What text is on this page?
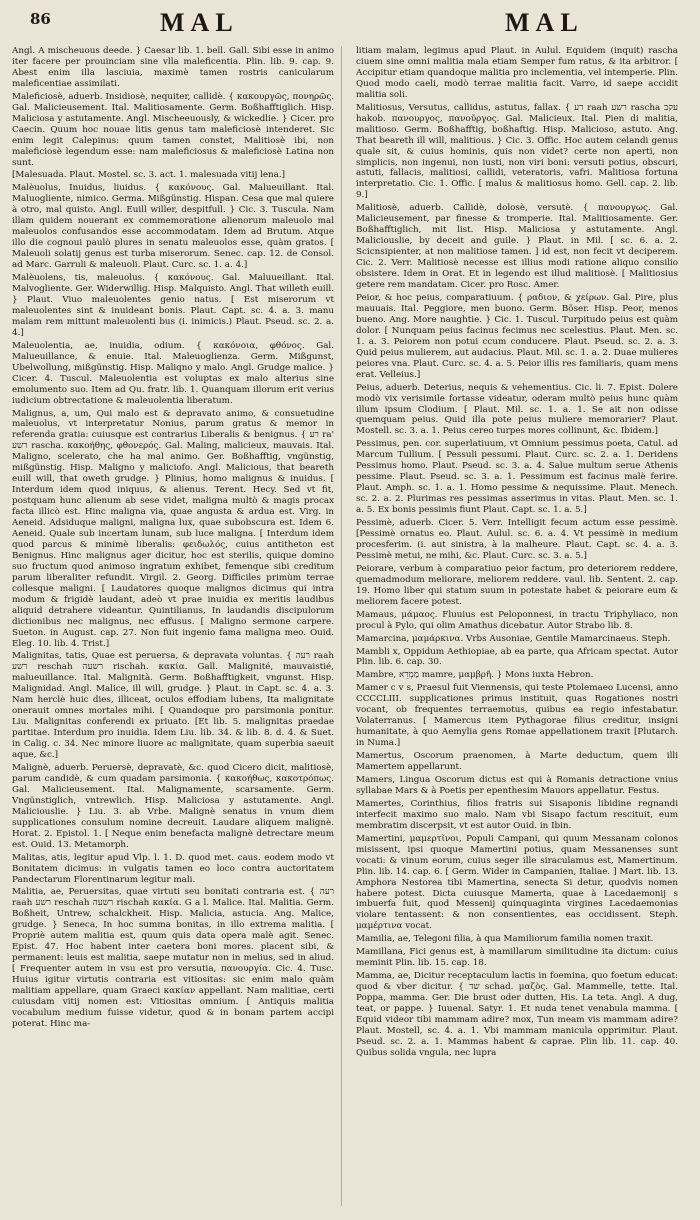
86	MAL	MAL

Angl. A mischeuous deede. } Caesar lib. 1. bell. Gall. Sibi esse in animo iter facere per prouinciam sine vlla maleficentia. Plin. lib. 9. cap. 9. Abest enim illa lasciuia, maximè tamen rostris canicularum maleficentiae assimilati.

Maleficiosè, aduerb. Insidiosè, nequiter, callidè. { κακουργῶς, πονηρῶς. Gal. Malicieusement. Ital. Malitiosamente. Germ. Boßhafftiglich. Hisp. Maliciosa y astutamente. Angl. Mischeeuously, & wickedlie. } Cicer. pro Caecin. Quum hoc nouae litis genus tam maleficiosè intenderet. Sic enim legit Calepinus: quum tamen constet, Malitiosè ibi, non maleficiosè legendum esse: nam maleficiosus & maleficiosè Latina non sunt.

[Malesuada. Plaut. Mostel. sc. 3. act. 1. malesuada vitij lena.]

Malèuolus, Inuidus, liuidus. { κακόνους. Gal. Malueuillant. Ital. Maluogliente, nimico. Germa. Mißgünstig. Hispan. Cesa que mal quiere à otro, mal quisto. Angl. Euill willer, despitfull. } Cic. 3. Tuscula. Nam illam quidem nouerant ex commemoratione alienorum maleuolo mal maleuolos confusandos esse accommodatam. Idem ad Brutum. Atque illo die cognoui paulò plures in senatu maleuolos esse, quàm gratos. [ Maleuoli solatij genus est turba miserorum. Senec. cap. 12. de Consol. ad Marc. Garruli & maleuoli. Plaut. Curc. sc. 1. a. 4.]

Malèuolens, tis, maleuolus. { κακόνους. Gal. Maluueillant. Ital. Malvogliente. Ger. Widerwillig. Hisp. Malquisto. Angl. That willeth euill. } Plaut. Viuo maleuolentes genio natus. [ Est miserorum vt maleuolentes sint & inuideant bonis. Plaut. Capt. sc. 4. a. 3. manu malam rem mittunt maleuolenti bus (i. inimicis.) Plaut. Pseud. sc. 2. a. 4.]

Maleuolentia, ae, inuidia, odium. { κακόνοια, φθόνος. Gal. Malueuillance, & enuie. Ital. Maleuoglienza. Germ. Mißgunst, Ubelwollung, mißgünstig. Hisp. Maliqno y malo. Angl. Grudge malice. } Cicer. 4. Tuscul. Maleuolentia est voluptas ex malo alterius sine emolumento suo. Item ad Qu. fratr. lib. 1. Quanquam illorum erit verius iudicium obtrectatione & maleuolentia liberatum.

Malignus, a, um, Qui malo est & depravato animo, & consuetudine maleuolus, vt interpretatur Nonius, parum gratus & memor in referenda gratia: cuiusque est contrarius Liberalis & benignus. { רע ra' רשע rascha. κακοήθης, φθονερός. Gal. Maling, malicieux, mauvais. Ital. Maligno, scelerato, che ha mal animo. Ger. Boßhafftig, vngünstig, mißgünstig. Hisp. Maligno y maliciofo. Angl. Malicious, that beareth euill will, that oweth grudge. } Plinius, homo malignus & inuidus. [ Interdum idem quod iniquus, & alienus. Terent. Hecy. Sed vt fit, postquam hunc alienum ab sese videt, maligna multò & magis procax facta illicò est. Hinc maligna via, quae angusta & ardua est. Virg. in Aeneid. Adsiduque maligni, maligna lux, quae subobscura est. Idem 6. Aeneid. Quale sub incertam lunam, sub luce maligna. [ Interdum idem quod parcus & minimè liberalis: φειδωλός, cuius antitheton est Benignus. Hinc malignus ager dicitur, hoc est sterilis, quique domino suo fructum quod animoso ingratum exhibet, femenque sibi creditum parum liberaliter refundit. Virgil. 2. Georg. Difficiles primùm terrae collesque maligni. [ Laudatores quoque malignos dicimus qui intra modum & frigidè laudant, adeò vt prae inuidia ex meritis laudibus aliquid detrahere videantur. Quintilianus, In laudandis discipulorum dictionibus nec malignus, nec effusus. [ Maligno sermone carpere. Sueton. in August. cap. 27. Non fuit ingenio fama maligna meo. Ouid. Eleg. 10. lib. 4. Trist.]

Malignitas, tatis, Quae est peruersa, & depravata voluntas. { רעה raah רשע reschah רשעה rischah. κακία. Gall. Malignité, mauvaistié, malueuillance. Ital. Malignità. Germ. Boßhafftigkeit, vngunst. Hisp. Malignidad. Angl. Malice, ill will, grudge. } Plaut. in Capt. sc. 4. a. 3. Nam herclè huic dies, illiceat, oculos effodiam lubens, Ita malignitate onerauit omnes mortales mihi. [ Quandoque pro parsimonia ponitur. Liu. Malignitas conferendi ex priuato. [Et lib. 5. malignitas praedae partitae. Interdum pro inuidia. Idem Liu. lib. 34. & lib. 8. d. 4. & Suet. in Calig. c. 34. Nec minore liuore ac malignitate, quam superbia saeuit aque, &c.]

Malignè, aduerb. Peruersè, depravatè, &c. quod Cicero dicit, malitiosè, parum candidè, & cum quadam parsimonia. { κακοήθως, κακοτρόπως. Gal. Malicieusement. Ital. Malignamente, scarsamente. Germ. Vngünstiglich, vntrewlich. Hisp. Maliciosa y astutamente. Angl. Maliciouslie. } Liu. 3. ab Vrbe. Malignè senatus in vnum diem supplicationes consulum nomine decreuit. Laudare aliquem malignè. Horat. 2. Epistol. 1. [ Neque enim benefacta malignè detrectare meum est. Ouid. 13. Metamorph.

Malitas, atis, legitur apud Vlp. l. 1. D. quod met. caus. eodem modo vt Bonitatem dicimus: in vulgatis tamen eo loco contra auctoritatem Pandectarum Florentinarum legitur mali.

Malitia, ae, Peruersitas, quae virtuti seu bonitati contraria est. { רעה raah רשע reschah רשעה rischah κακία. G a l. Malice. Ital. Malitia. Germ. Boßheit, Untrew, schalckheit. Hisp. Malicia, astucia. Ang. Malice, grudge. } Seneca, In hoc summa bonitas, in illo extrema malitia. [ Propriè autem malitia est, quum quis data opera malè agit. Senec. Epist. 47. Hoc habent inter caetera boni mores. placent sibi, & permanent: leuis est malitia, saepe mutatur non in melius, sed in aliud. [ Frequenter autem in vsu est pro versutia, πανουργία. Cic. 4. Tusc. Huius igitur virtutis contraria est vitiositas: sic enim malo quàm malitiam appellare, quam Graeci κακίαν appellant. Nam malitiae, certi cuiusdam vitij nomen est: Vitiositas omnium. [ Antiquis malitia vocabulum medium fuisse videtur, quod & in bonam partem accipi poterat. Hinc ma-

litiam malam, legimus apud Plaut. in Aulul. Equidem (inquit) rascha ciuem sine omni malitia mala etiam Semper fum ratus, & ita arbitror. [ Accipitur etiam quandoque malitia pro inclementia, vel intemperie. Plin. Quod modo caeli, modò terrae malitia facit. Varro, id saepe accidit malitia soli.

Malitiosus, Versutus, callidus, astutus, fallax. { רע raah רשע rascha עקב hakob. πανουργος, πανοῦργος. Gal. Malicieux. Ital. Pien di malitia, malitioso. Germ. Boßhafftig, boßhaftig. Hisp. Malicioso, astuto. Ang. That beareth ill will, malitious. } Cic. 3. Offic. Hoc autem celandi genus quale sit, & cuius hominis, quis non videt? certe non aperti, non simplicis, non ingenui, non iusti, non viri boni: versuti potius, obscuri, astuti, fallacis, malitiosi, callidi, veteratoris, vafri. Malitiosa fortuna interpretatio. Cic. 1. Offic. [ malus & malitiosus homo. Gell. cap. 2. lib. 9.]

Malitiosè, aduerb. Callidè, dolosè, versutè. { πανουργως. Gal. Malicieusement, par finesse & tromperie. Ital. Malitiosamente. Ger. Boßhafftiglich, mit list. Hisp. Maliciosa y astutamente. Angl. Maliciouslie, by deceit and guile. } Plaut. in Mil. [ sc. 6. a. 2. Scicnsipienter, at non malitiose tamen. ] id est, non fecit vt deciperem. Cic. 2. Verr. Malitiosè necesse est illius modi ratione aliquo consilio obsistere. Idem in Orat. Et in legendo est illud malitiosè. [ Malitiosius getere rem mandatam. Cicer. pro Rosc. Amer.

Peior, & hoc peius, comparatiuum. { ραδιον, & χείρων. Gal. Pire, plus mauuais. Ital. Peggiore, men buono. Germ. Böser. Hisp. Peor, menos bueno. Ang. More naughtie. } Cic. 1. Tuscul. Turpitudo peius est quàm dolor. [ Nunquam peius facinus fecimus nec scelestius. Plaut. Men. sc. 1. a. 3. Peiorem non potui ccum conducere. Plaut. Pseud. sc. 2. a. 3. Quid peius mulierem, aut audacius. Plaut. Mil. sc. 1. a. 2. Duae mulieres peiores vna. Plaut. Curc. sc. 4. a. 5. Peior illis res familiaris, quam mens erat. Velleius.]

Peius, aduerb. Deterius, nequis & vehementius. Cic. li. 7. Epist. Dolere modò vix verisimile fortasse videatur, oderam multò peius hunc quàm illum ipsum Clodium. [ Plaut. Mil. sc. 1. a. 1. Se ait non odisse quemquam peius. Quid illa pote peius muliere memorarier? Plaut. Mostell. sc. 3. a. 1. Peius cereo turpes mores collinunt, &c. Ibidem.]

Pessimus, pen. cor. superlatiuum, vt Omnium pessimus poeta, Catul. ad Marcum Tullium. [ Pessuli pessumi. Plaut. Curc. sc. 2. a. 1. Deridens Pessimus homo. Plaut. Pseud. sc. 3. a. 4. Salue multum serue Athenis pessime. Plaut. Pseud. sc. 3. a. 1. Pessimum est facinus malè ferire. Plaut. Amph. sc. 1. a. 1. Homo pessime & nequissime. Plaut. Menech. sc. 2. a. 2. Plurimas res pessimas asserimus in vitas. Plaut. Men. sc. 1. a. 5. Ex bonis pessimis fiunt Plaut. Capt. sc. 1. a. 5.]

Pessimè, aduerb. Cicer. 5. Verr. Intelligit fecum actum esse pessimè. [Pessimè ornatus eo. Plaut. Aulul. sc. 6. a. 4. Vt pessimè in medium procesferim. (i. aut sinistra, à la malheure. Plaut. Capt. sc. 4. a. 3. Pessimè metui, ne mihi, &c. Plaut. Curc. sc. 3. a. 5.]

Peiorare, verbum à comparatiuo peior factum, pro deteriorem reddere, quemadmodum meliorare, meliorem reddere. vaul. lib. Sentent. 2. cap. 19. Homo liber qui statum suum in potestate habet & peiorare eum & meliorem facere potest.

Mamaus, μάμαος. Fluuius est Peloponnesi, in tractu Triphyliaco, non procul à Pylo, qui olim Amathus dicebatur. Autor Strabo lib. 8.

Mamarcina, μαμάρκινα. Vrbs Ausoniae, Gentile Mamarcinaeus. Steph.

Mambli x, Oppidum Aethiopiae, ab ea parte, qua Africam spectat. Autor Plin. lib. 6. cap. 30.

Mambre, מַמְרֵא mamre, μαμβρῆ. } Mons iuxta Hebron.

Mamer c v s, Praesul fuit Viennensis, qui teste Ptolemaeo Lucensi, anno CCCCLIII. supplicationes primus instituit, quas Rogationes nostri vocant, ob frequentes terraemotus, quibus ea regio infestabatur. Volaterranus. [ Mamercus item Pythagorae filius creditur, insigni humanitate, à quo Aemylia gens Romae appellationem traxit [Plutarch. in Numa.]

Mamertus, Oscorum praenomen, à Marte deductum, quem illi Mamertem appellarunt.

Mamers, Lingua Oscorum dictus est qui à Romanis detractione vnius syllabae Mars & à Poetis per epenthesim Mauors appellatur. Festus.

Mamertes, Corinthius, filios fratris sui Sisaponis libidine regnandi interfecit maximo suo malo. Nam vbi Sisapo factum rescituit, eum membratim discerpsit, vt est autor Ouid. in Ibin.

Mamertini, μαμερτῖνοι, Populi Campani, qui quum Messanam colonos misissent, ipsi quoque Mamertini potius, quam Messanenses sunt vocati: & vinum eorum, cuius seger ille siraculamus est, Mamertinum. Plin. lib. 14. cap. 6. [ Germ. Wider in Campanien, Italiae. ] Mart. lib. 13. Amphora Nestorea tibi Mamertina, senecta Si detur, quodvis nomen habere potest. Dicta cuiusque Mamerta, quae à Lacedaemonij s imbuerfa fuit, quod Messenij quinquaginta virgines Lacedaemonias violare tentassent: & non consentientes, eas occidissent. Steph. μαμέρτινα vocat.

Mamilia, ae, Telegoni filia, à qua Mamiliorum familia nomen traxit.

Mamillana, Fici genus est, à mamillarum similitudine ita dictum: cuius meminit Plin. lib. 15. cap. 18.

Mamma, ae, Dicitur receptaculum lactis in foemina, quo foetum educat: quod & vber dicitur. { שד schad. μαζὸς. Gal. Mammelle, tette. Ital. Poppa, mamma. Ger. Die brust oder dutten, His. La teta. Angl. A dug, teat, or pappe. } Iuuenal. Satyr. 1. Et nuda tenet venabula mamma. [ Equid videor tibi mammam adire? mox, Tun meam vis mammam adire? Plaut. Mostell, sc. 4. a. 1. Vbi mammam manicula opprimitur. Plaut. Pseud. sc. 2. a. 1. Mammas habent & caprae. Plin lib. 11. cap. 40. Quibus solida vngula, nec lupra
